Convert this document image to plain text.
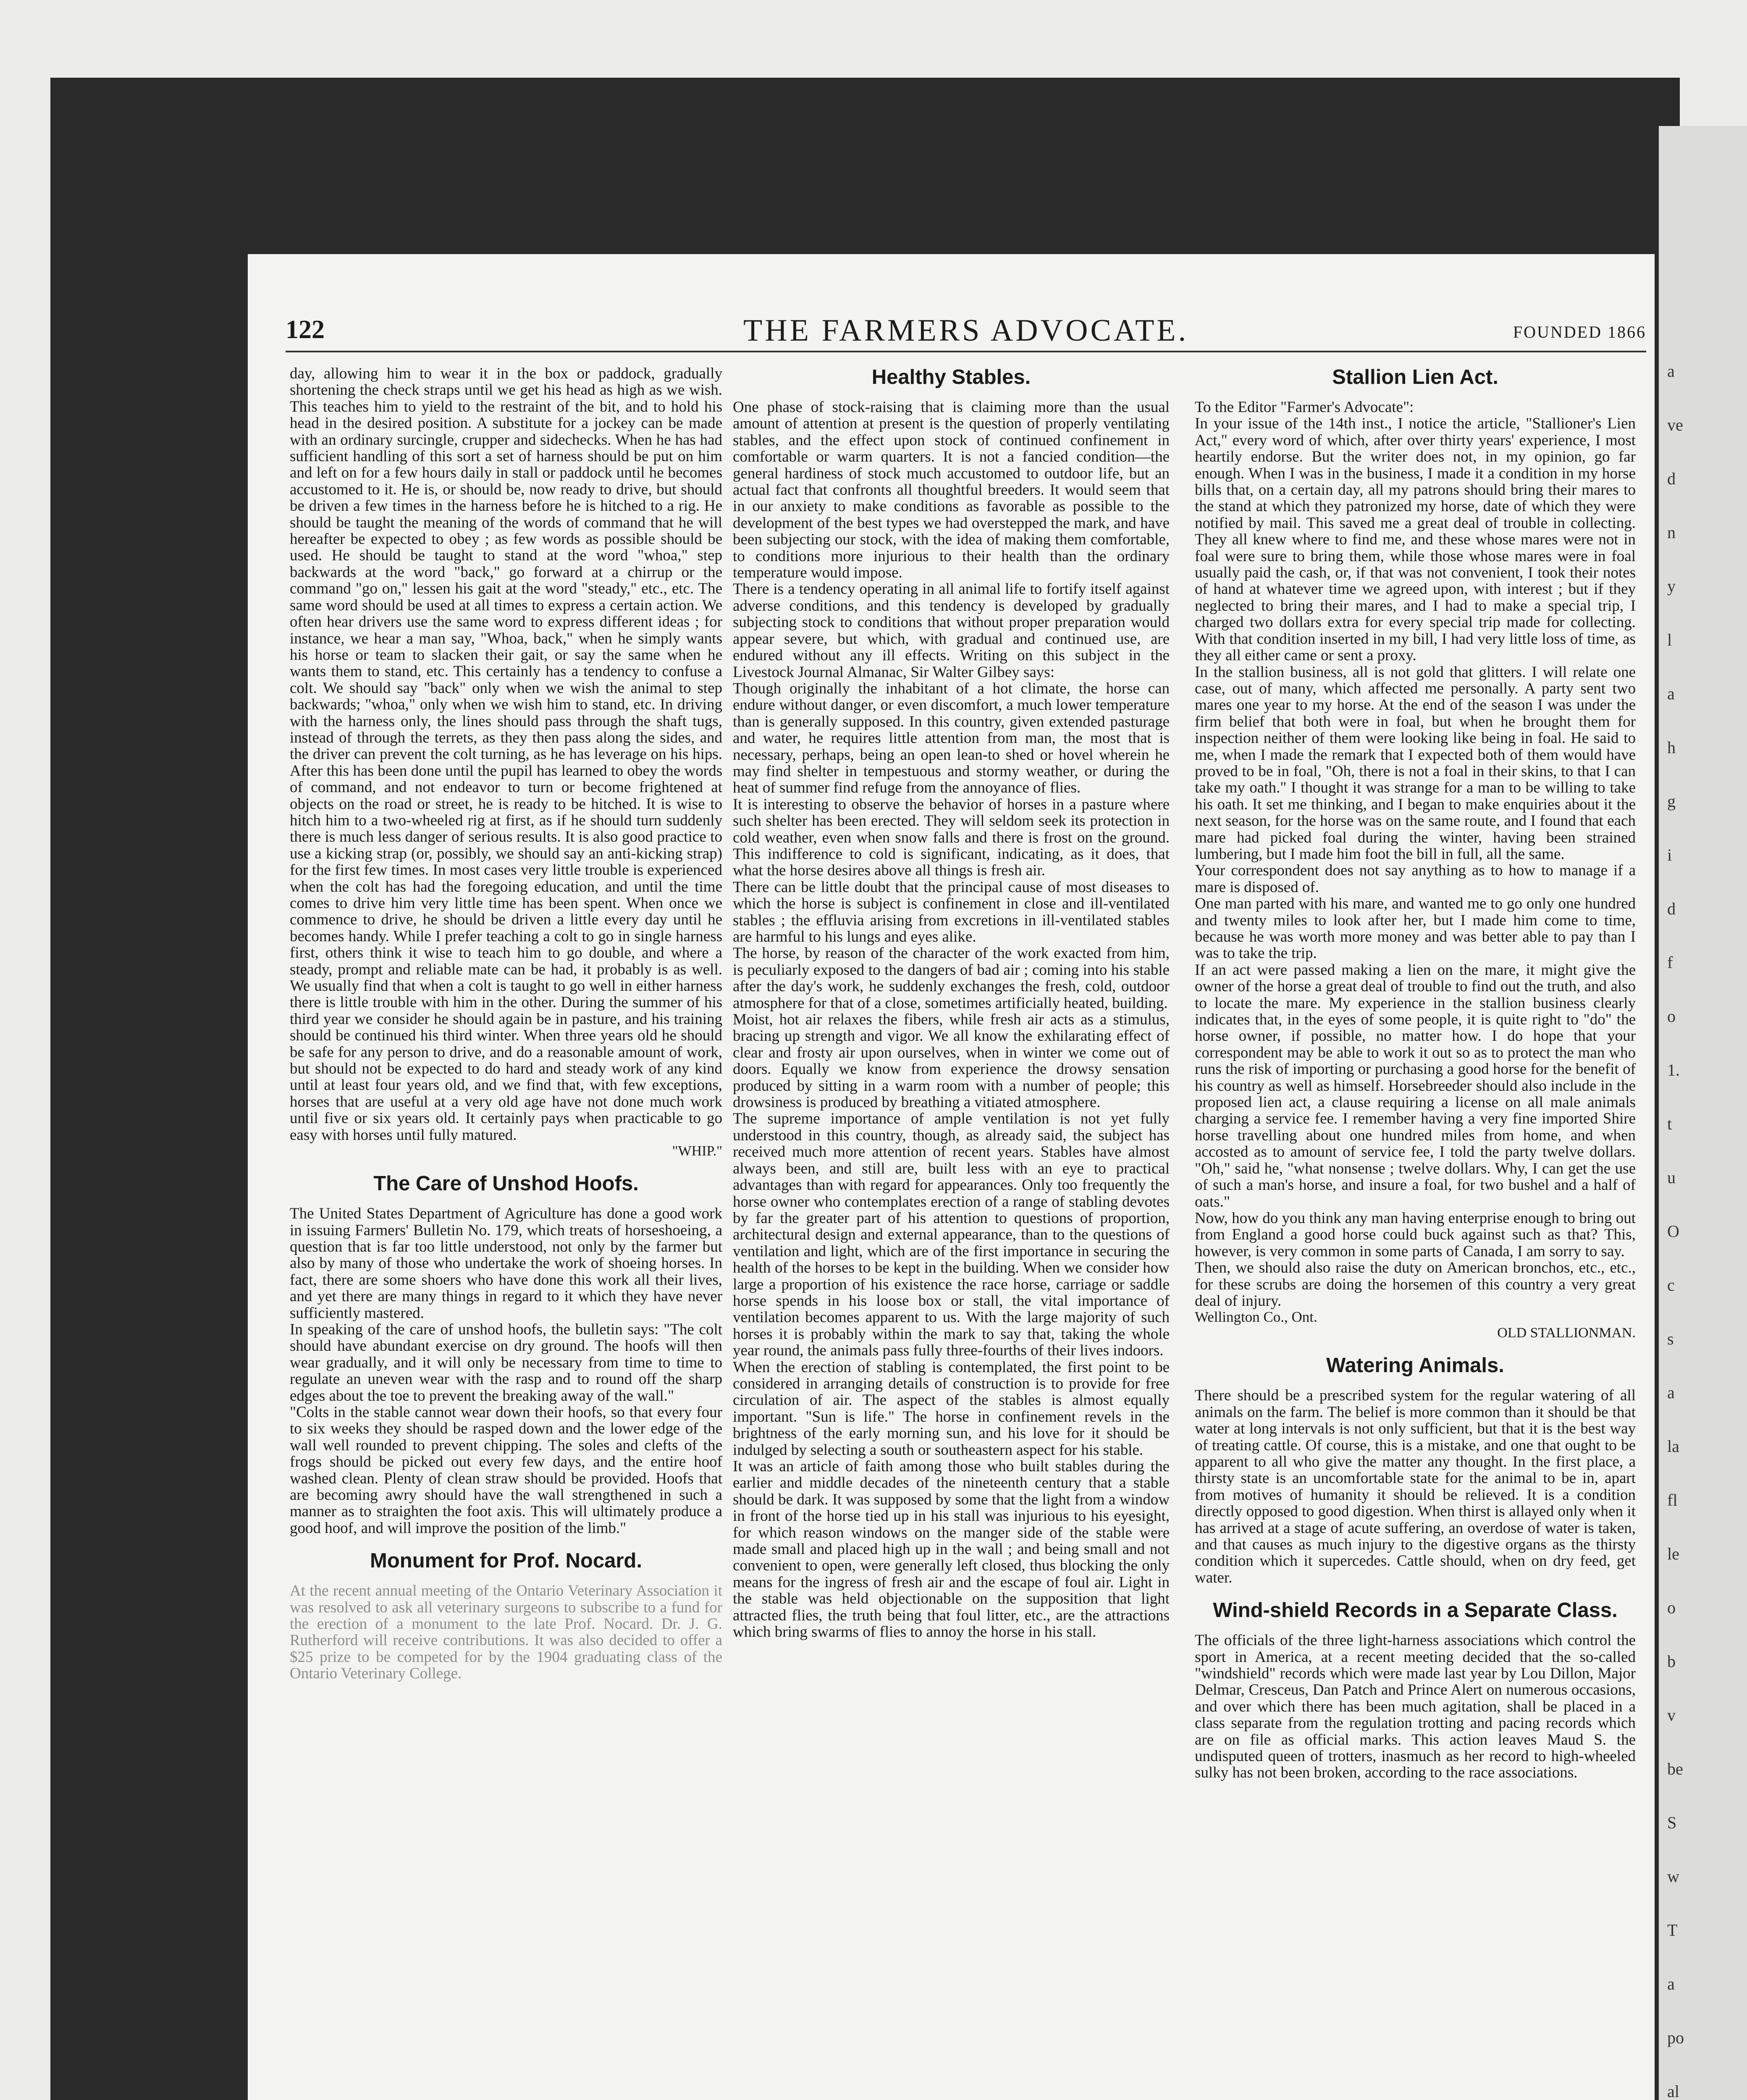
122	THE FARMERS ADVOCATE.	FOUNDED 1866

day, allowing him to wear it in the box or paddock, gradually shortening the check straps until we get his head as high as we wish. This teaches him to yield to the restraint of the bit, and to hold his head in the desired position. A substitute for a jockey can be made with an ordinary surcingle, crupper and sidechecks. When he has had sufficient handling of this sort a set of harness should be put on him and left on for a few hours daily in stall or paddock until he becomes accustomed to it. He is, or should be, now ready to drive, but should be driven a few times in the harness before he is hitched to a rig. He should be taught the meaning of the words of command that he will hereafter be expected to obey ; as few words as possible should be used. He should be taught to stand at the word "whoa," step backwards at the word "back," go forward at a chirrup or the command "go on," lessen his gait at the word "steady," etc., etc. The same word should be used at all times to express a certain action. We often hear drivers use the same word to express different ideas ; for instance, we hear a man say, "Whoa, back," when he simply wants his horse or team to slacken their gait, or say the same when he wants them to stand, etc. This certainly has a tendency to confuse a colt. We should say "back" only when we wish the animal to step backwards; "whoa," only when we wish him to stand, etc. In driving with the harness only, the lines should pass through the shaft tugs, instead of through the terrets, as they then pass along the sides, and the driver can prevent the colt turning, as he has leverage on his hips. After this has been done until the pupil has learned to obey the words of command, and not endeavor to turn or become frightened at objects on the road or street, he is ready to be hitched. It is wise to hitch him to a two-wheeled rig at first, as if he should turn suddenly there is much less danger of serious results. It is also good practice to use a kicking strap (or, possibly, we should say an anti-kicking strap) for the first few times. In most cases very little trouble is experienced when the colt has had the foregoing education, and until the time comes to drive him very little time has been spent. When once we commence to drive, he should be driven a little every day until he becomes handy. While I prefer teaching a colt to go in single harness first, others think it wise to teach him to go double, and where a steady, prompt and reliable mate can be had, it probably is as well. We usually find that when a colt is taught to go well in either harness there is little trouble with him in the other. During the summer of his third year we consider he should again be in pasture, and his training should be continued his third winter. When three years old he should be safe for any person to drive, and do a reasonable amount of work, but should not be expected to do hard and steady work of any kind until at least four years old, and we find that, with few exceptions, horses that are useful at a very old age have not done much work until five or six years old. It certainly pays when practicable to go easy with horses until fully matured.

"WHIP."
The Care of Unshod Hoofs.

The United States Department of Agriculture has done a good work in issuing Farmers' Bulletin No. 179, which treats of horseshoeing, a question that is far too little understood, not only by the farmer but also by many of those who undertake the work of shoeing horses. In fact, there are some shoers who have done this work all their lives, and yet there are many things in regard to it which they have never sufficiently mastered.

In speaking of the care of unshod hoofs, the bulletin says: "The colt should have abundant exercise on dry ground. The hoofs will then wear gradually, and it will only be necessary from time to time to regulate an uneven wear with the rasp and to round off the sharp edges about the toe to prevent the breaking away of the wall."

"Colts in the stable cannot wear down their hoofs, so that every four to six weeks they should be rasped down and the lower edge of the wall well rounded to prevent chipping. The soles and clefts of the frogs should be picked out every few days, and the entire hoof washed clean. Plenty of clean straw should be provided. Hoofs that are becoming awry should have the wall strengthened in such a manner as to straighten the foot axis. This will ultimately produce a good hoof, and will improve the position of the limb."

Monument for Prof. Nocard.

At the recent annual meeting of the Ontario Veterinary Association it was resolved to ask all veterinary surgeons to subscribe to a fund for the erection of a monument to the late Prof. Nocard. Dr. J. G. Rutherford will receive contributions. It was also decided to offer a $25 prize to be competed for by the 1904 graduating class of the Ontario Veterinary College.

Healthy Stables.

One phase of stock-raising that is claiming more than the usual amount of attention at present is the question of properly ventilating stables, and the effect upon stock of continued confinement in comfortable or warm quarters. It is not a fancied condition—the general hardiness of stock much accustomed to outdoor life, but an actual fact that confronts all thoughtful breeders. It would seem that in our anxiety to make conditions as favorable as possible to the development of the best types we had overstepped the mark, and have been subjecting our stock, with the idea of making them comfortable, to conditions more injurious to their health than the ordinary temperature would impose.

There is a tendency operating in all animal life to fortify itself against adverse conditions, and this tendency is developed by gradually subjecting stock to conditions that without proper preparation would appear severe, but which, with gradual and continued use, are endured without any ill effects. Writing on this subject in the Livestock Journal Almanac, Sir Walter Gilbey says:

Though originally the inhabitant of a hot climate, the horse can endure without danger, or even discomfort, a much lower temperature than is generally supposed. In this country, given extended pasturage and water, he requires little attention from man, the most that is necessary, perhaps, being an open lean-to shed or hovel wherein he may find shelter in tempestuous and stormy weather, or during the heat of summer find refuge from the annoyance of flies.

It is interesting to observe the behavior of horses in a pasture where such shelter has been erected. They will seldom seek its protection in cold weather, even when snow falls and there is frost on the ground. This indifference to cold is significant, indicating, as it does, that what the horse desires above all things is fresh air.

There can be little doubt that the principal cause of most diseases to which the horse is subject is confinement in close and ill-ventilated stables ; the effluvia arising from excretions in ill-ventilated stables are harmful to his lungs and eyes alike.

The horse, by reason of the character of the work exacted from him, is peculiarly exposed to the dangers of bad air ; coming into his stable after the day's work, he suddenly exchanges the fresh, cold, outdoor atmosphere for that of a close, sometimes artificially heated, building.

Moist, hot air relaxes the fibers, while fresh air acts as a stimulus, bracing up strength and vigor. We all know the exhilarating effect of clear and frosty air upon ourselves, when in winter we come out of doors. Equally we know from experience the drowsy sensation produced by sitting in a warm room with a number of people; this drowsiness is produced by breathing a vitiated atmosphere.

The supreme importance of ample ventilation is not yet fully understood in this country, though, as already said, the subject has received much more attention of recent years. Stables have almost always been, and still are, built less with an eye to practical advantages than with regard for appearances. Only too frequently the horse owner who contemplates erection of a range of stabling devotes by far the greater part of his attention to questions of proportion, architectural design and external appearance, than to the questions of ventilation and light, which are of the first importance in securing the health of the horses to be kept in the building. When we consider how large a proportion of his existence the race horse, carriage or saddle horse spends in his loose box or stall, the vital importance of ventilation becomes apparent to us. With the large majority of such horses it is probably within the mark to say that, taking the whole year round, the animals pass fully three-fourths of their lives indoors.

When the erection of stabling is contemplated, the first point to be considered in arranging details of construction is to provide for free circulation of air. The aspect of the stables is almost equally important. "Sun is life." The horse in confinement revels in the brightness of the early morning sun, and his love for it should be indulged by selecting a south or southeastern aspect for his stable.

It was an article of faith among those who built stables during the earlier and middle decades of the nineteenth century that a stable should be dark. It was supposed by some that the light from a window in front of the horse tied up in his stall was injurious to his eyesight, for which reason windows on the manger side of the stable were made small and placed high up in the wall ; and being small and not convenient to open, were generally left closed, thus blocking the only means for the ingress of fresh air and the escape of foul air. Light in the stable was held objectionable on the supposition that light attracted flies, the truth being that foul litter, etc., are the attractions which bring swarms of flies to annoy the horse in his stall.

Stallion Lien Act.

To the Editor "Farmer's Advocate":

In your issue of the 14th inst., I notice the article, "Stallioner's Lien Act," every word of which, after over thirty years' experience, I most heartily endorse. But the writer does not, in my opinion, go far enough. When I was in the business, I made it a condition in my horse bills that, on a certain day, all my patrons should bring their mares to the stand at which they patronized my horse, date of which they were notified by mail. This saved me a great deal of trouble in collecting. They all knew where to find me, and these whose mares were not in foal were sure to bring them, while those whose mares were in foal usually paid the cash, or, if that was not convenient, I took their notes of hand at whatever time we agreed upon, with interest ; but if they neglected to bring their mares, and I had to make a special trip, I charged two dollars extra for every special trip made for collecting. With that condition inserted in my bill, I had very little loss of time, as they all either came or sent a proxy.

In the stallion business, all is not gold that glitters. I will relate one case, out of many, which affected me personally. A party sent two mares one year to my horse. At the end of the season I was under the firm belief that both were in foal, but when he brought them for inspection neither of them were looking like being in foal. He said to me, when I made the remark that I expected both of them would have proved to be in foal, "Oh, there is not a foal in their skins, to that I can take my oath." I thought it was strange for a man to be willing to take his oath. It set me thinking, and I began to make enquiries about it the next season, for the horse was on the same route, and I found that each mare had picked foal during the winter, having been strained lumbering, but I made him foot the bill in full, all the same.

Your correspondent does not say anything as to how to manage if a mare is disposed of.

One man parted with his mare, and wanted me to go only one hundred and twenty miles to look after her, but I made him come to time, because he was worth more money and was better able to pay than I was to take the trip.

If an act were passed making a lien on the mare, it might give the owner of the horse a great deal of trouble to find out the truth, and also to locate the mare. My experience in the stallion business clearly indicates that, in the eyes of some people, it is quite right to "do" the horse owner, if possible, no matter how. I do hope that your correspondent may be able to work it out so as to protect the man who runs the risk of importing or purchasing a good horse for the benefit of his country as well as himself. Horsebreeder should also include in the proposed lien act, a clause requiring a license on all male animals charging a service fee. I remember having a very fine imported Shire horse travelling about one hundred miles from home, and when accosted as to amount of service fee, I told the party twelve dollars. "Oh," said he, "what nonsense ; twelve dollars. Why, I can get the use of such a man's horse, and insure a foal, for two bushel and a half of oats."

Now, how do you think any man having enterprise enough to bring out from England a good horse could buck against such as that? This, however, is very common in some parts of Canada, I am sorry to say.

Then, we should also raise the duty on American bronchos, etc., etc., for these scrubs are doing the horsemen of this country a very great deal of injury.

Wellington Co., Ont.
OLD STALLIONMAN.
Watering Animals.

There should be a prescribed system for the regular watering of all animals on the farm. The belief is more common than it should be that water at long intervals is not only sufficient, but that it is the best way of treating cattle. Of course, this is a mistake, and one that ought to be apparent to all who give the matter any thought. In the first place, a thirsty state is an uncomfortable state for the animal to be in, apart from motives of humanity it should be relieved. It is a condition directly opposed to good digestion. When thirst is allayed only when it has arrived at a stage of acute suffering, an overdose of water is taken, and that causes as much injury to the digestive organs as the thirsty condition which it supercedes. Cattle should, when on dry feed, get water.

Wind-shield Records in a Separate Class.

The officials of the three light-harness associations which control the sport in America, at a recent meeting decided that the so-called "windshield" records which were made last year by Lou Dillon, Major Delmar, Cresceus, Dan Patch and Prince Alert on numerous occasions, and over which there has been much agitation, shall be placed in a class separate from the regulation trotting and pacing records which are on file as official marks. This action leaves Maud S. the undisputed queen of trotters, inasmuch as her record to high-wheeled sulky has not been broken, according to the race associations.

a
ve
d
n
y
l
a
h
g
i
d
f
o
1.
t
u
O
c
s
a
la
fl
le
o
b
v
be
S
w
T
a
po
al
